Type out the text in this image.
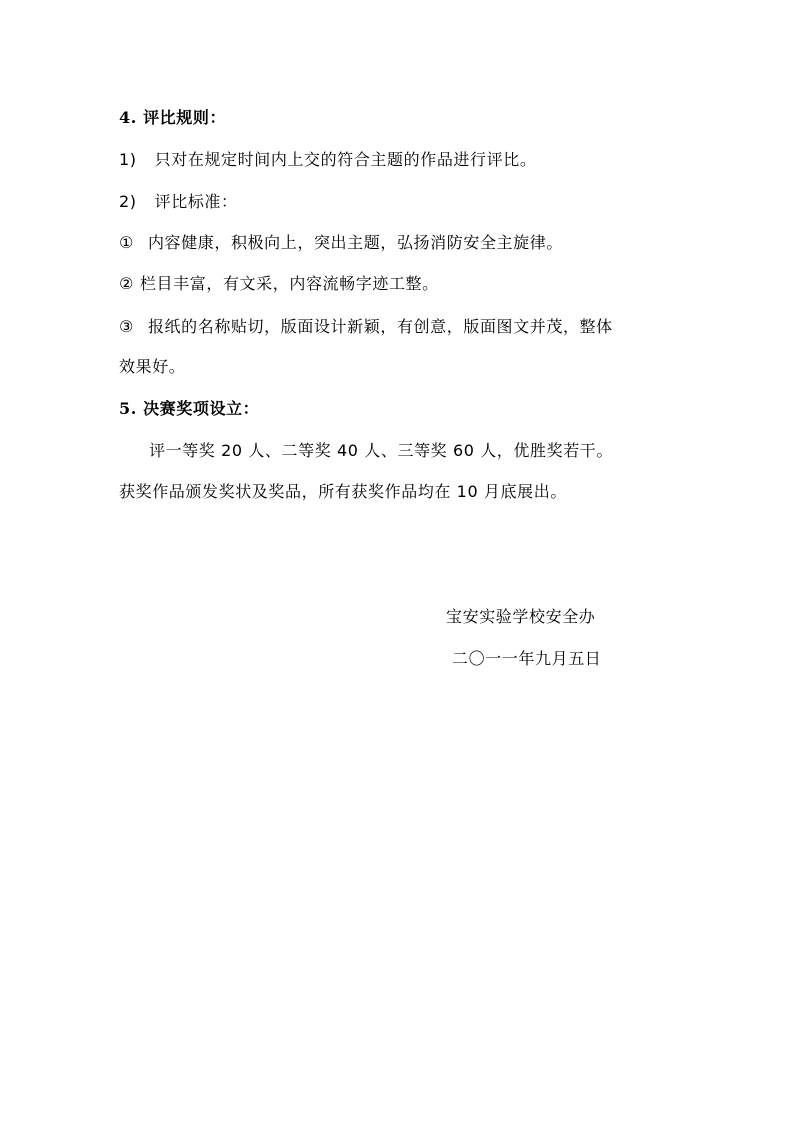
4. 评比规则：
1) 只对在规定时间内上交的符合主题的作品进行评比。
2) 评比标准：
① 内容健康，积极向上，突出主题，弘扬消防安全主旋律。
② 栏目丰富，有文采，内容流畅字迹工整。
③ 报纸的名称贴切，版面设计新颖，有创意，版面图文并茂，整体
效果好。
5. 决赛奖项设立：
评一等奖 20 人、二等奖 40 人、三等奖 60 人，优胜奖若干。
获奖作品颁发奖状及奖品，所有获奖作品均在 10 月底展出。
宝安实验学校安全办
二〇一一年九月五日
